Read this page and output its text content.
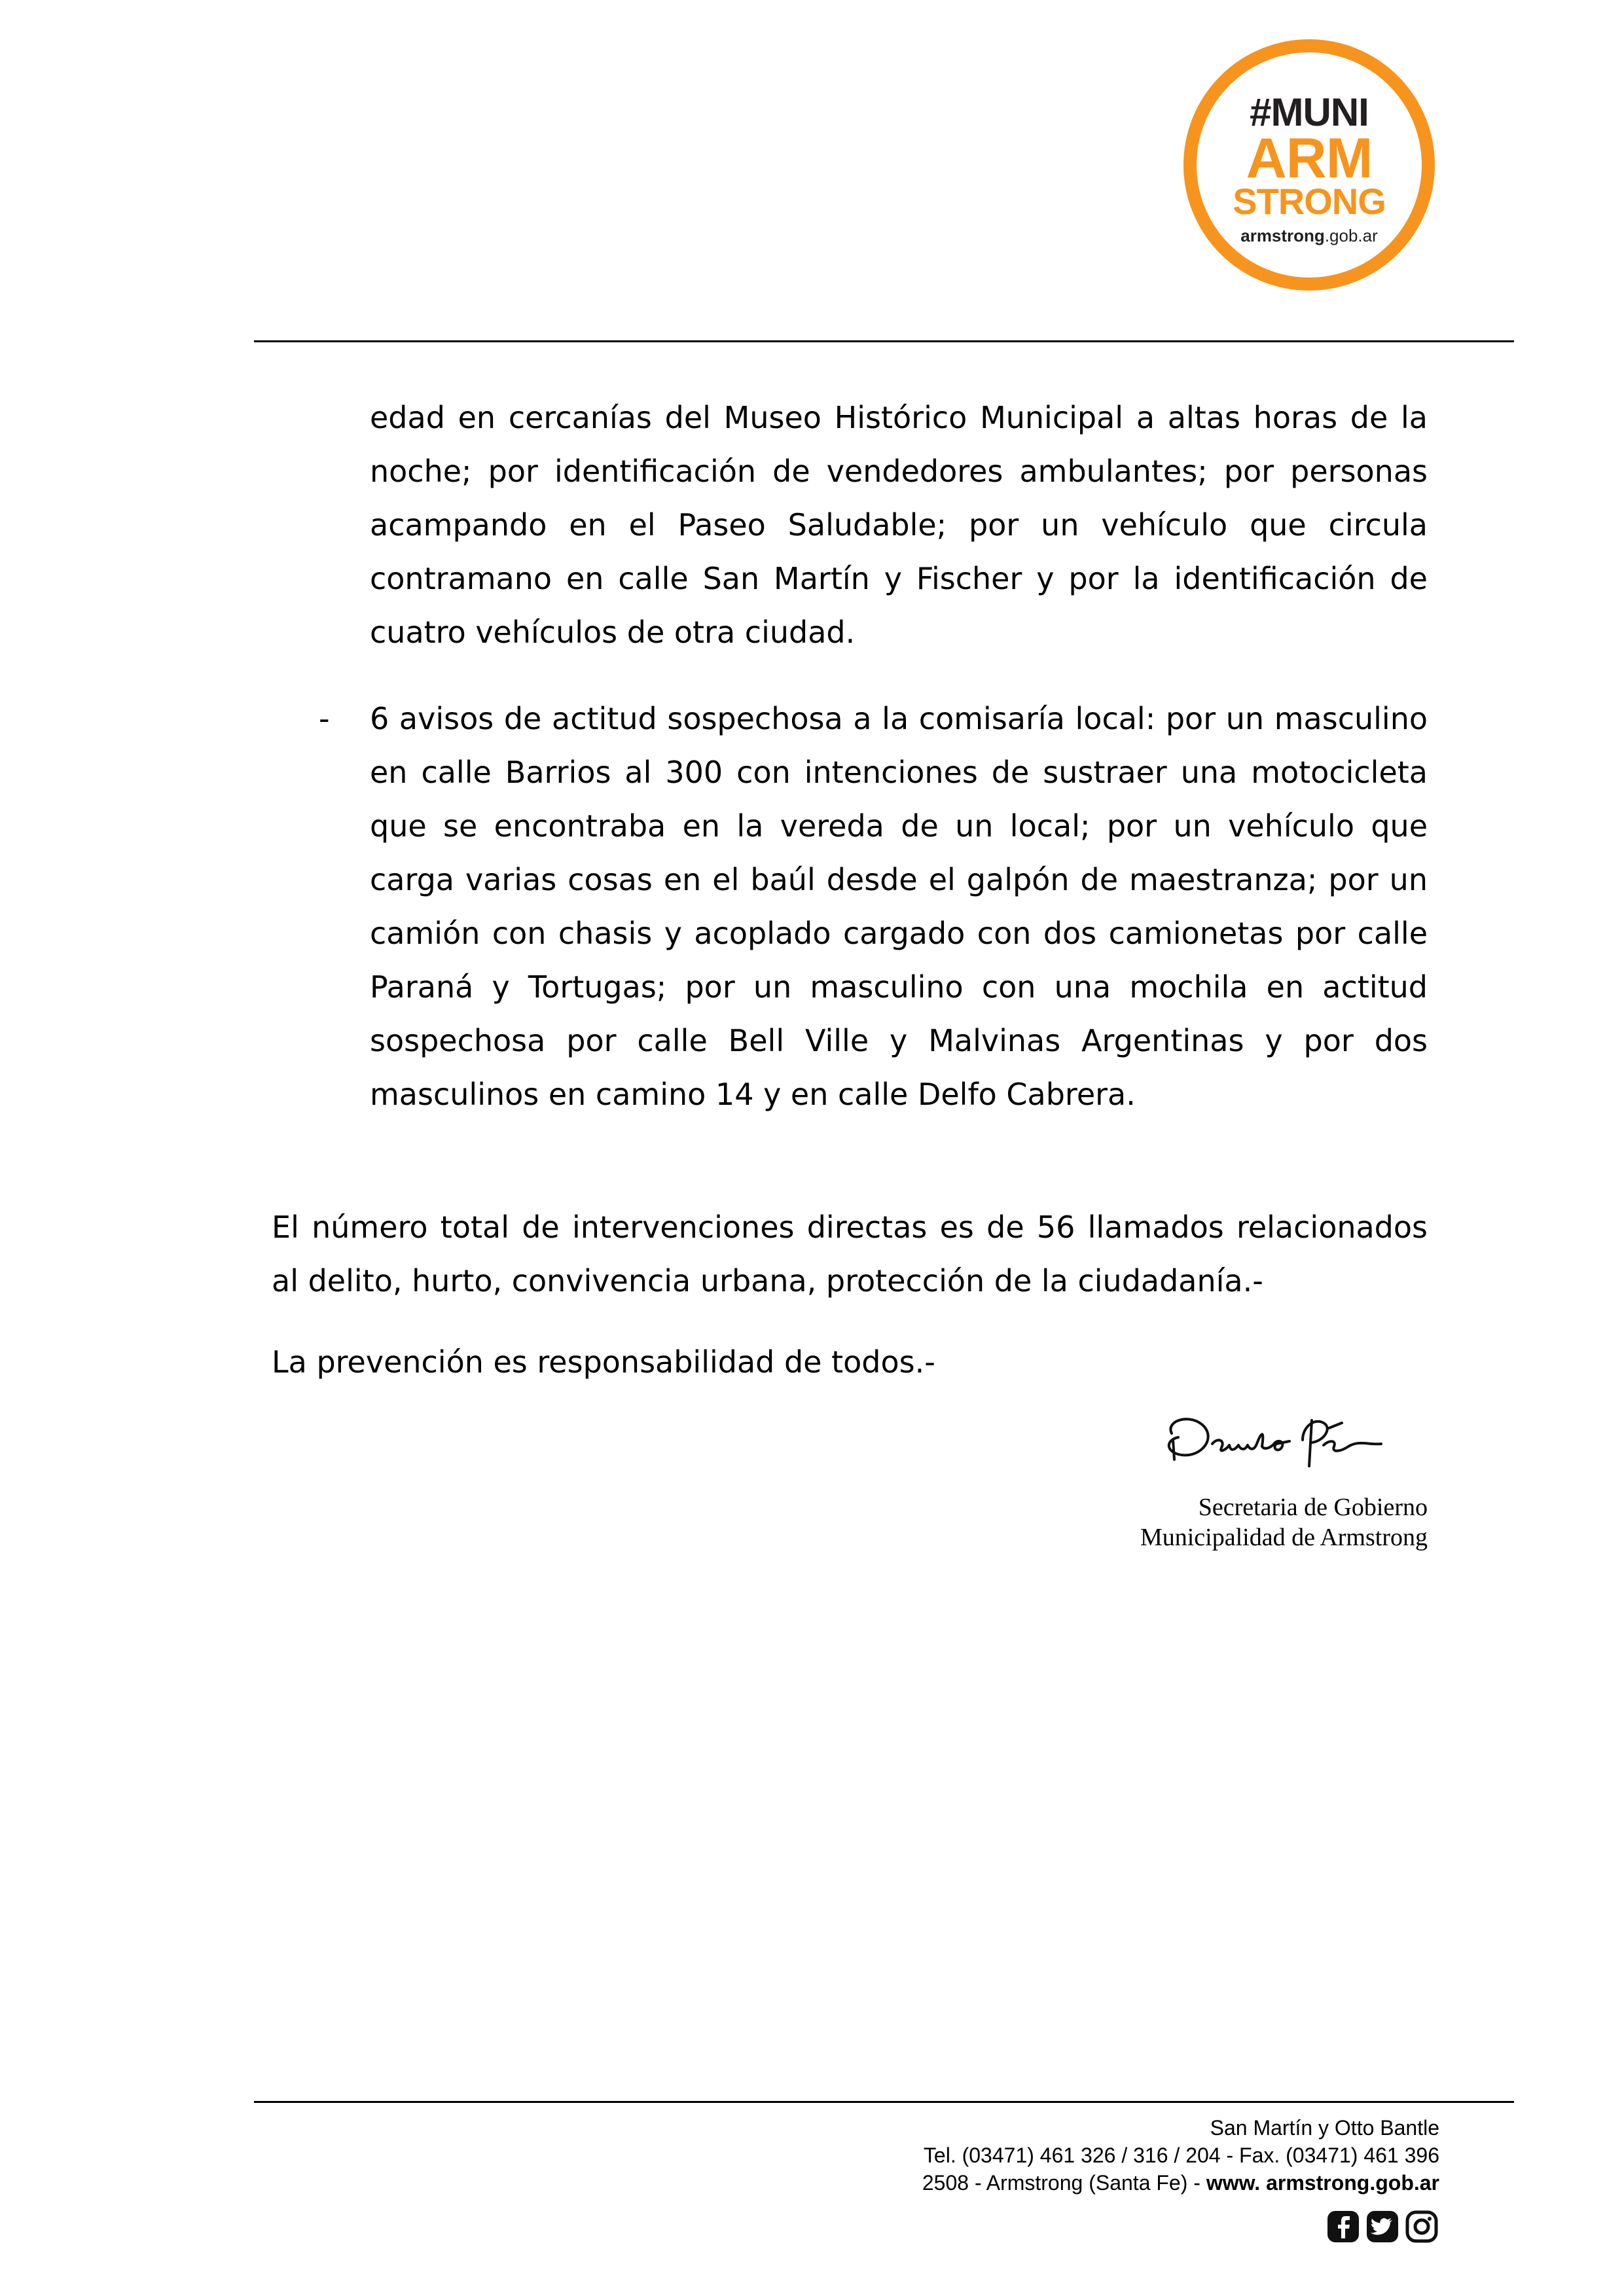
#MUNI
ARM
STRONG
armstrong.gob.ar
edad en cercanías del Museo Histórico Municipal a altas horas de la noche; por identificación de vendedores ambulantes; por personas acampando en el Paseo Saludable; por un vehículo que circula contramano en calle San Martín y Fischer y por la identificación de cuatro vehículos de otra ciudad.
- 6 avisos de actitud sospechosa a la comisaría local: por un masculino en calle Barrios al 300 con intenciones de sustraer una motocicleta que se encontraba en la vereda de un local; por un vehículo que carga varias cosas en el baúl desde el galpón de maestranza; por un camión con chasis y acoplado cargado con dos camionetas por calle Paraná y Tortugas; por un masculino con una mochila en actitud sospechosa por calle Bell Ville y Malvinas Argentinas y por dos masculinos en camino 14 y en calle Delfo Cabrera.
El número total de intervenciones directas es de 56 llamados relacionados al delito, hurto, convivencia urbana, protección de la ciudadanía.-
La prevención es responsabilidad de todos.-
Secretaria de Gobierno
Municipalidad de Armstrong
San Martín y Otto Bantle
Tel. (03471) 461 326 / 316 / 204 - Fax. (03471) 461 396
2508 - Armstrong (Santa Fe) - www. armstrong.gob.ar
